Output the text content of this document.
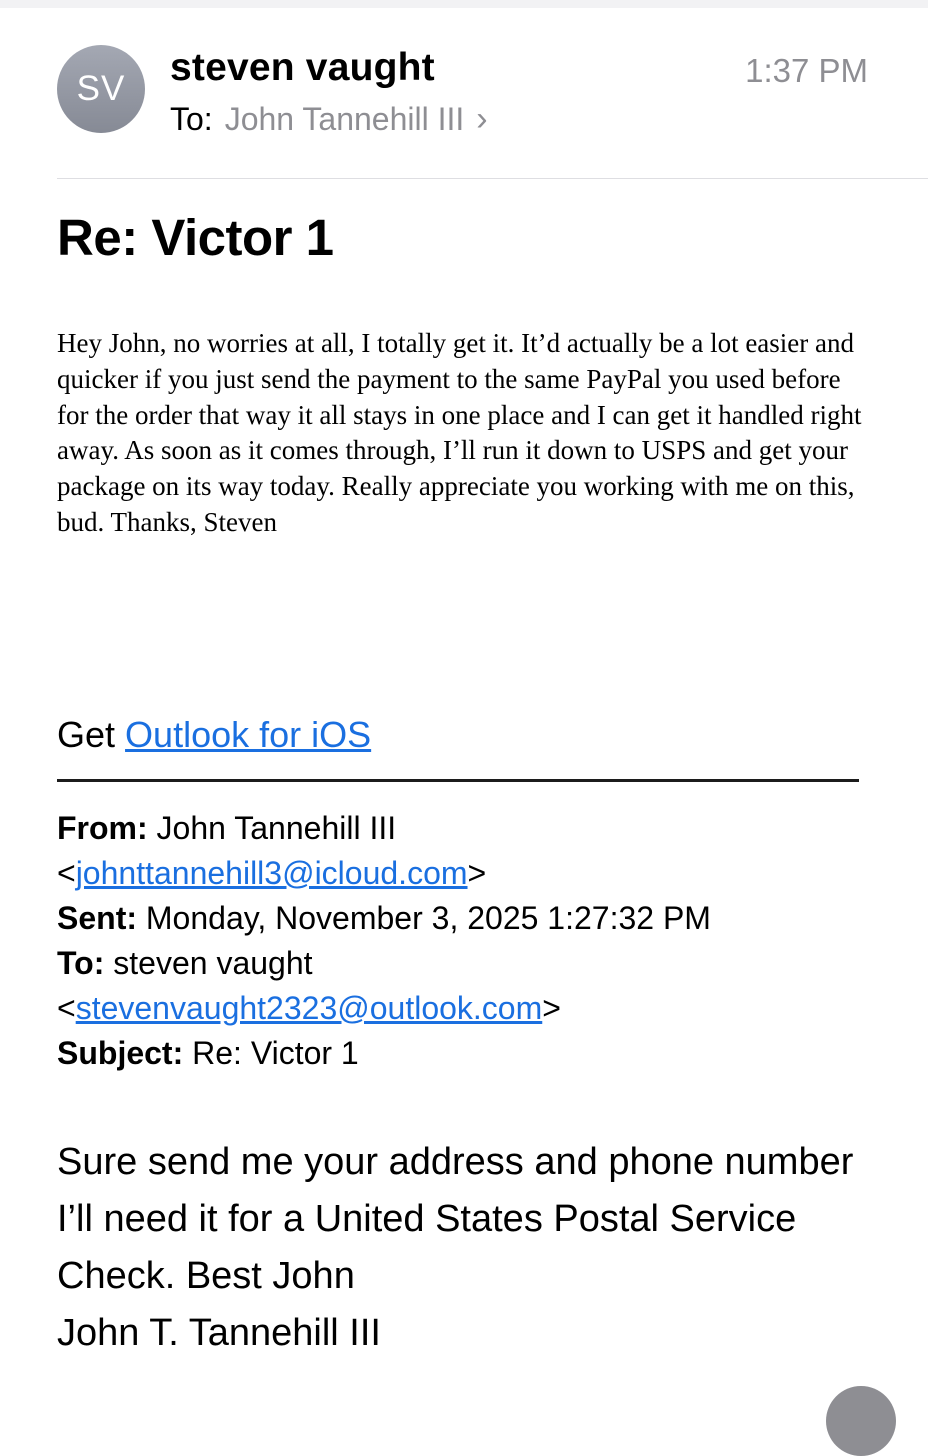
SV	steven vaught	1:37 PM
To: John Tannehill III ›
Re: Victor 1
Hey John, no worries at all, I totally get it. It’d actually be a lot easier and quicker if you just send the payment to the same PayPal you used before for the order that way it all stays in one place and I can get it handled right away. As soon as it comes through, I’ll run it down to USPS and get your package on its way today. Really appreciate you working with me on this, bud. Thanks, Steven
Get Outlook for iOS
From: John Tannehill III
<johnttannehill3@icloud.com>
Sent: Monday, November 3, 2025 1:27:32 PM
To: steven vaught
<stevenvaught2323@outlook.com>
Subject: Re: Victor 1
Sure send me your address and phone number I’ll need it for a United States Postal Service Check. Best John
John T. Tannehill III
